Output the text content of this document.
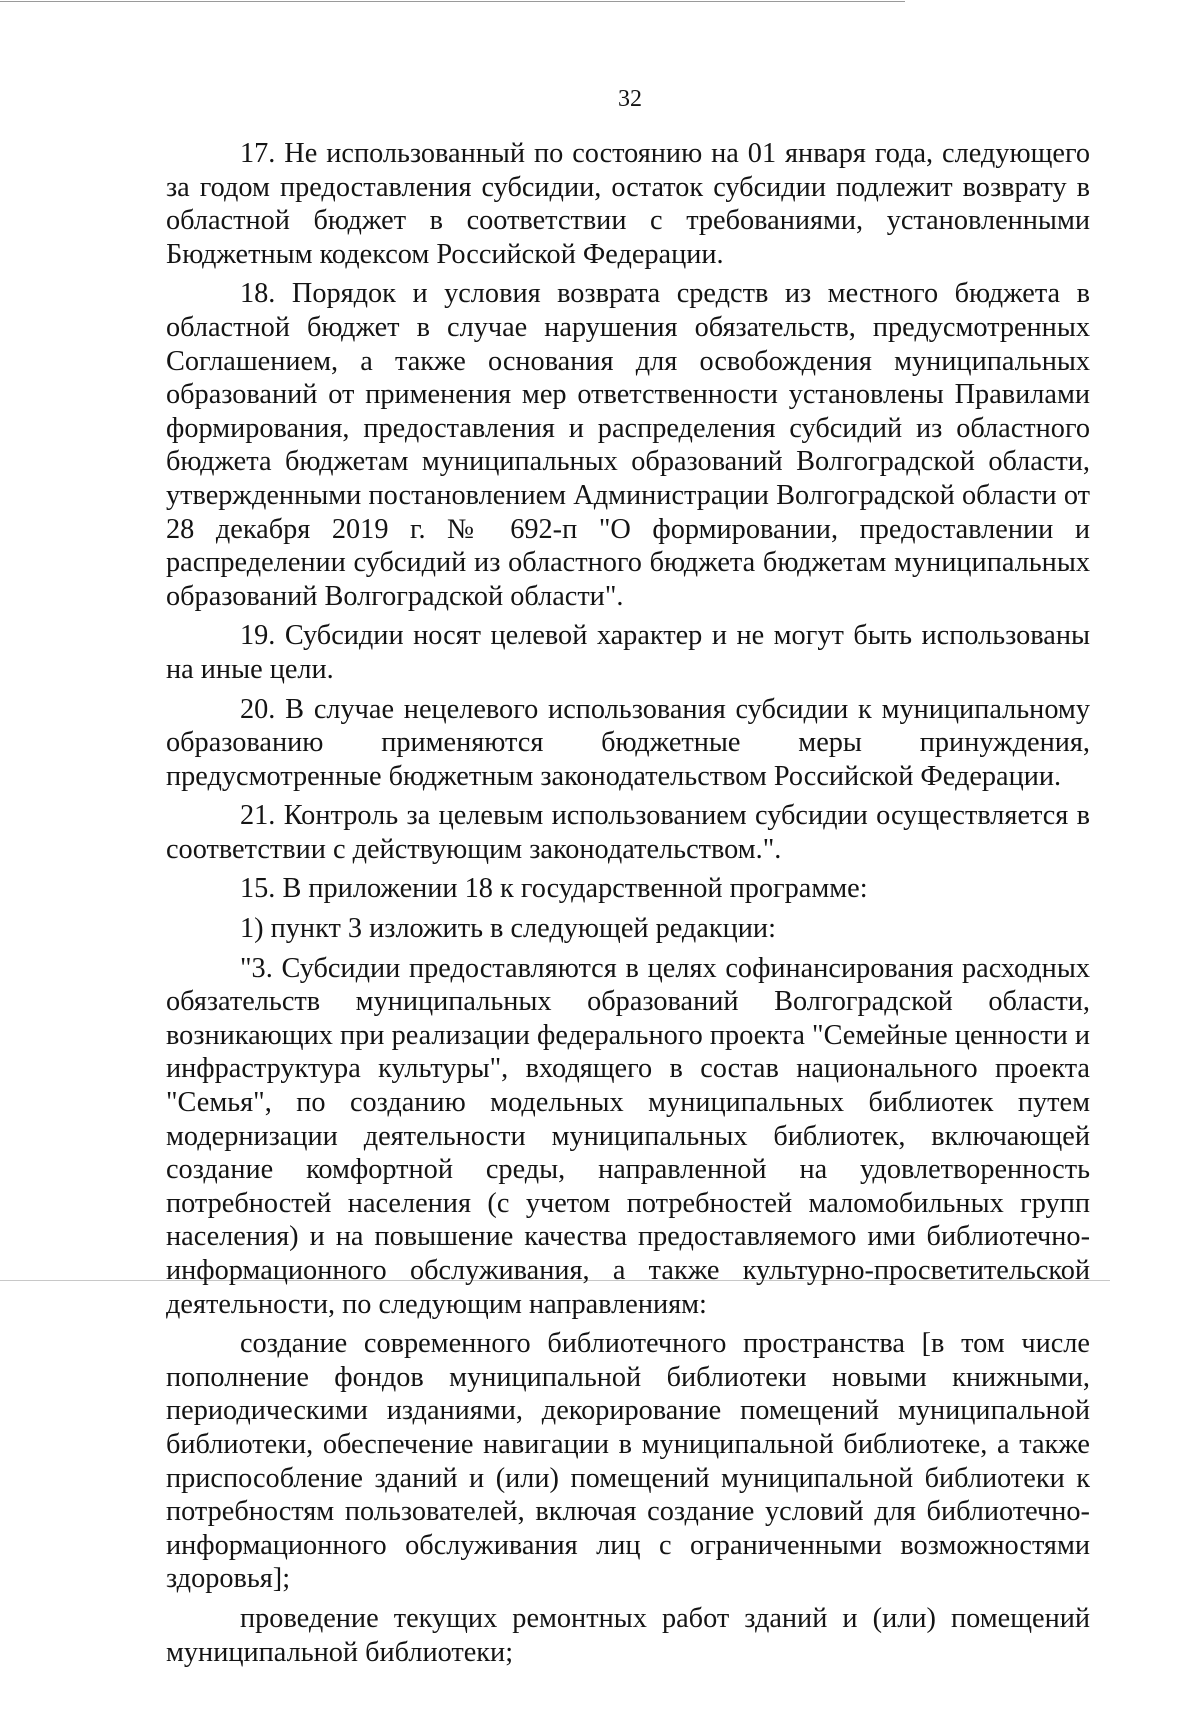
32

17. Не использованный по состоянию на 01 января года, следующего за годом предоставления субсидии, остаток субсидии подлежит возврату в областной бюджет в соответствии с требованиями, установленными Бюджетным кодексом Российской Федерации.

18. Порядок и условия возврата средств из местного бюджета в областной бюджет в случае нарушения обязательств, предусмотренных Соглашением, а также основания для освобождения муниципальных образований от применения мер ответственности установлены Правилами формирования, предоставления и распределения субсидий из областного бюджета бюджетам муниципальных образований Волгоградской области, утвержденными постановлением Администрации Волгоградской области от 28 декабря 2019 г. № 692-п "О формировании, предоставлении и распределении субсидий из областного бюджета бюджетам муниципальных образований Волгоградской области".

19. Субсидии носят целевой характер и не могут быть использованы на иные цели.

20. В случае нецелевого использования субсидии к муниципальному образованию применяются бюджетные меры принуждения, предусмотренные бюджетным законодательством Российской Федерации.

21. Контроль за целевым использованием субсидии осуществляется в соответствии с действующим законодательством.".

15. В приложении 18 к государственной программе:

1) пункт 3 изложить в следующей редакции:

"3. Субсидии предоставляются в целях софинансирования расходных обязательств муниципальных образований Волгоградской области, возникающих при реализации федерального проекта "Семейные ценности и инфраструктура культуры", входящего в состав национального проекта "Семья", по созданию модельных муниципальных библиотек путем модернизации деятельности муниципальных библиотек, включающей создание комфортной среды, направленной на удовлетворенность потребностей населения (с учетом потребностей маломобильных групп населения) и на повышение качества предоставляемого ими библиотечно-информационного обслуживания, а также культурно-просветительской деятельности, по следующим направлениям:

создание современного библиотечного пространства [в том числе пополнение фондов муниципальной библиотеки новыми книжными, периодическими изданиями, декорирование помещений муниципальной библиотеки, обеспечение навигации в муниципальной библиотеке, а также приспособление зданий и (или) помещений муниципальной библиотеки к потребностям пользователей, включая создание условий для библиотечно-информационного обслуживания лиц с ограниченными возможностями здоровья];

проведение текущих ремонтных работ зданий и (или) помещений муниципальной библиотеки;
